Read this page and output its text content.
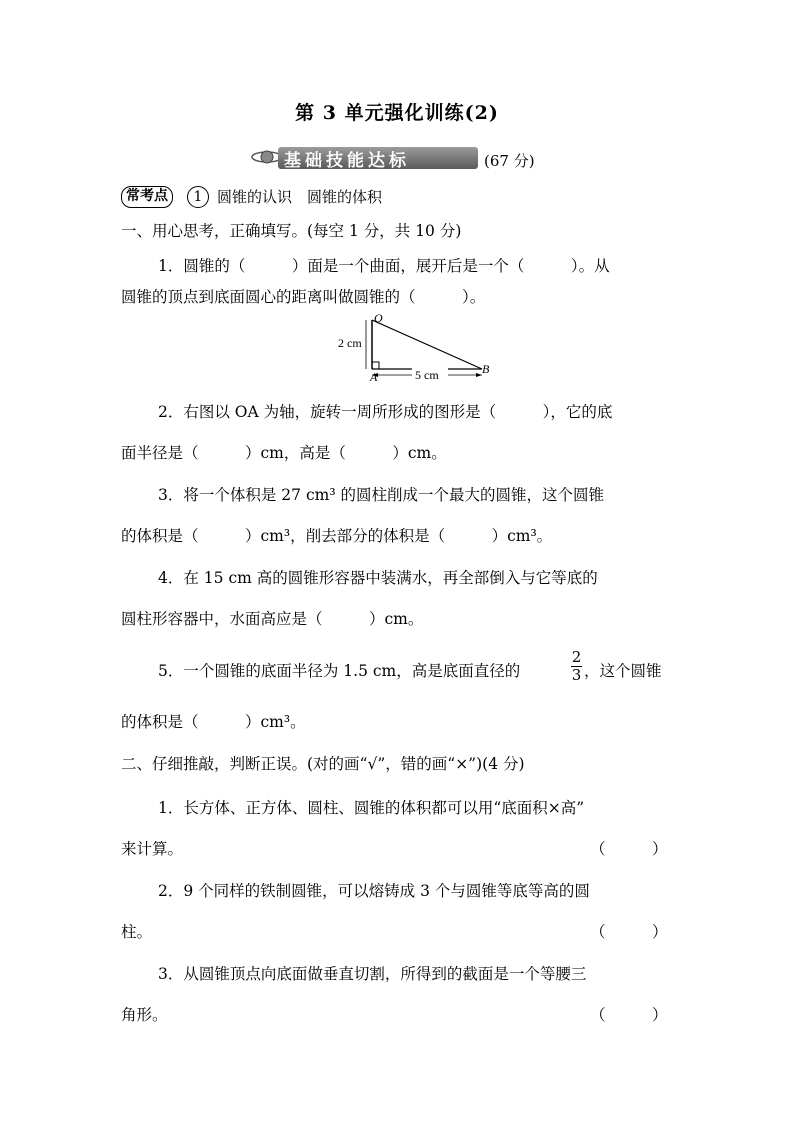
第 3 单元强化训练(2)
基础技能达标	(67 分)
常考点	1 圆锥的认识　圆锥的体积
一、用心思考，正确填写。(每空 1 分，共 10 分)
1．圆锥的（　　　）面是一个曲面，展开后是一个（　　　）。从
圆锥的顶点到底面圆心的距离叫做圆锥的（　　　）。
O
A
B
2 cm
5 cm
2．右图以 OA 为轴，旋转一周所形成的图形是（　　　），它的底
面半径是（　　　）cm，高是（　　　）cm。
3．将一个体积是 27 cm³ 的圆柱削成一个最大的圆锥，这个圆锥
的体积是（　　　）cm³，削去部分的体积是（　　　）cm³。
4．在 15 cm 高的圆锥形容器中装满水，再全部倒入与它等底的
圆柱形容器中，水面高应是（　　　）cm。
5．一个圆锥的底面半径为 1.5 cm，高是底面直径的
2
3 ，这个圆锥
的体积是（　　　）cm³。
二、仔细推敲，判断正误。(对的画“√”，错的画“×”)(4 分)
1．长方体、正方体、圆柱、圆锥的体积都可以用“底面积×高”
来计算。	（　　　）
2．9 个同样的铁制圆锥，可以熔铸成 3 个与圆锥等底等高的圆
柱。	（　　　）
3．从圆锥顶点向底面做垂直切割，所得到的截面是一个等腰三
角形。	（　　　）
